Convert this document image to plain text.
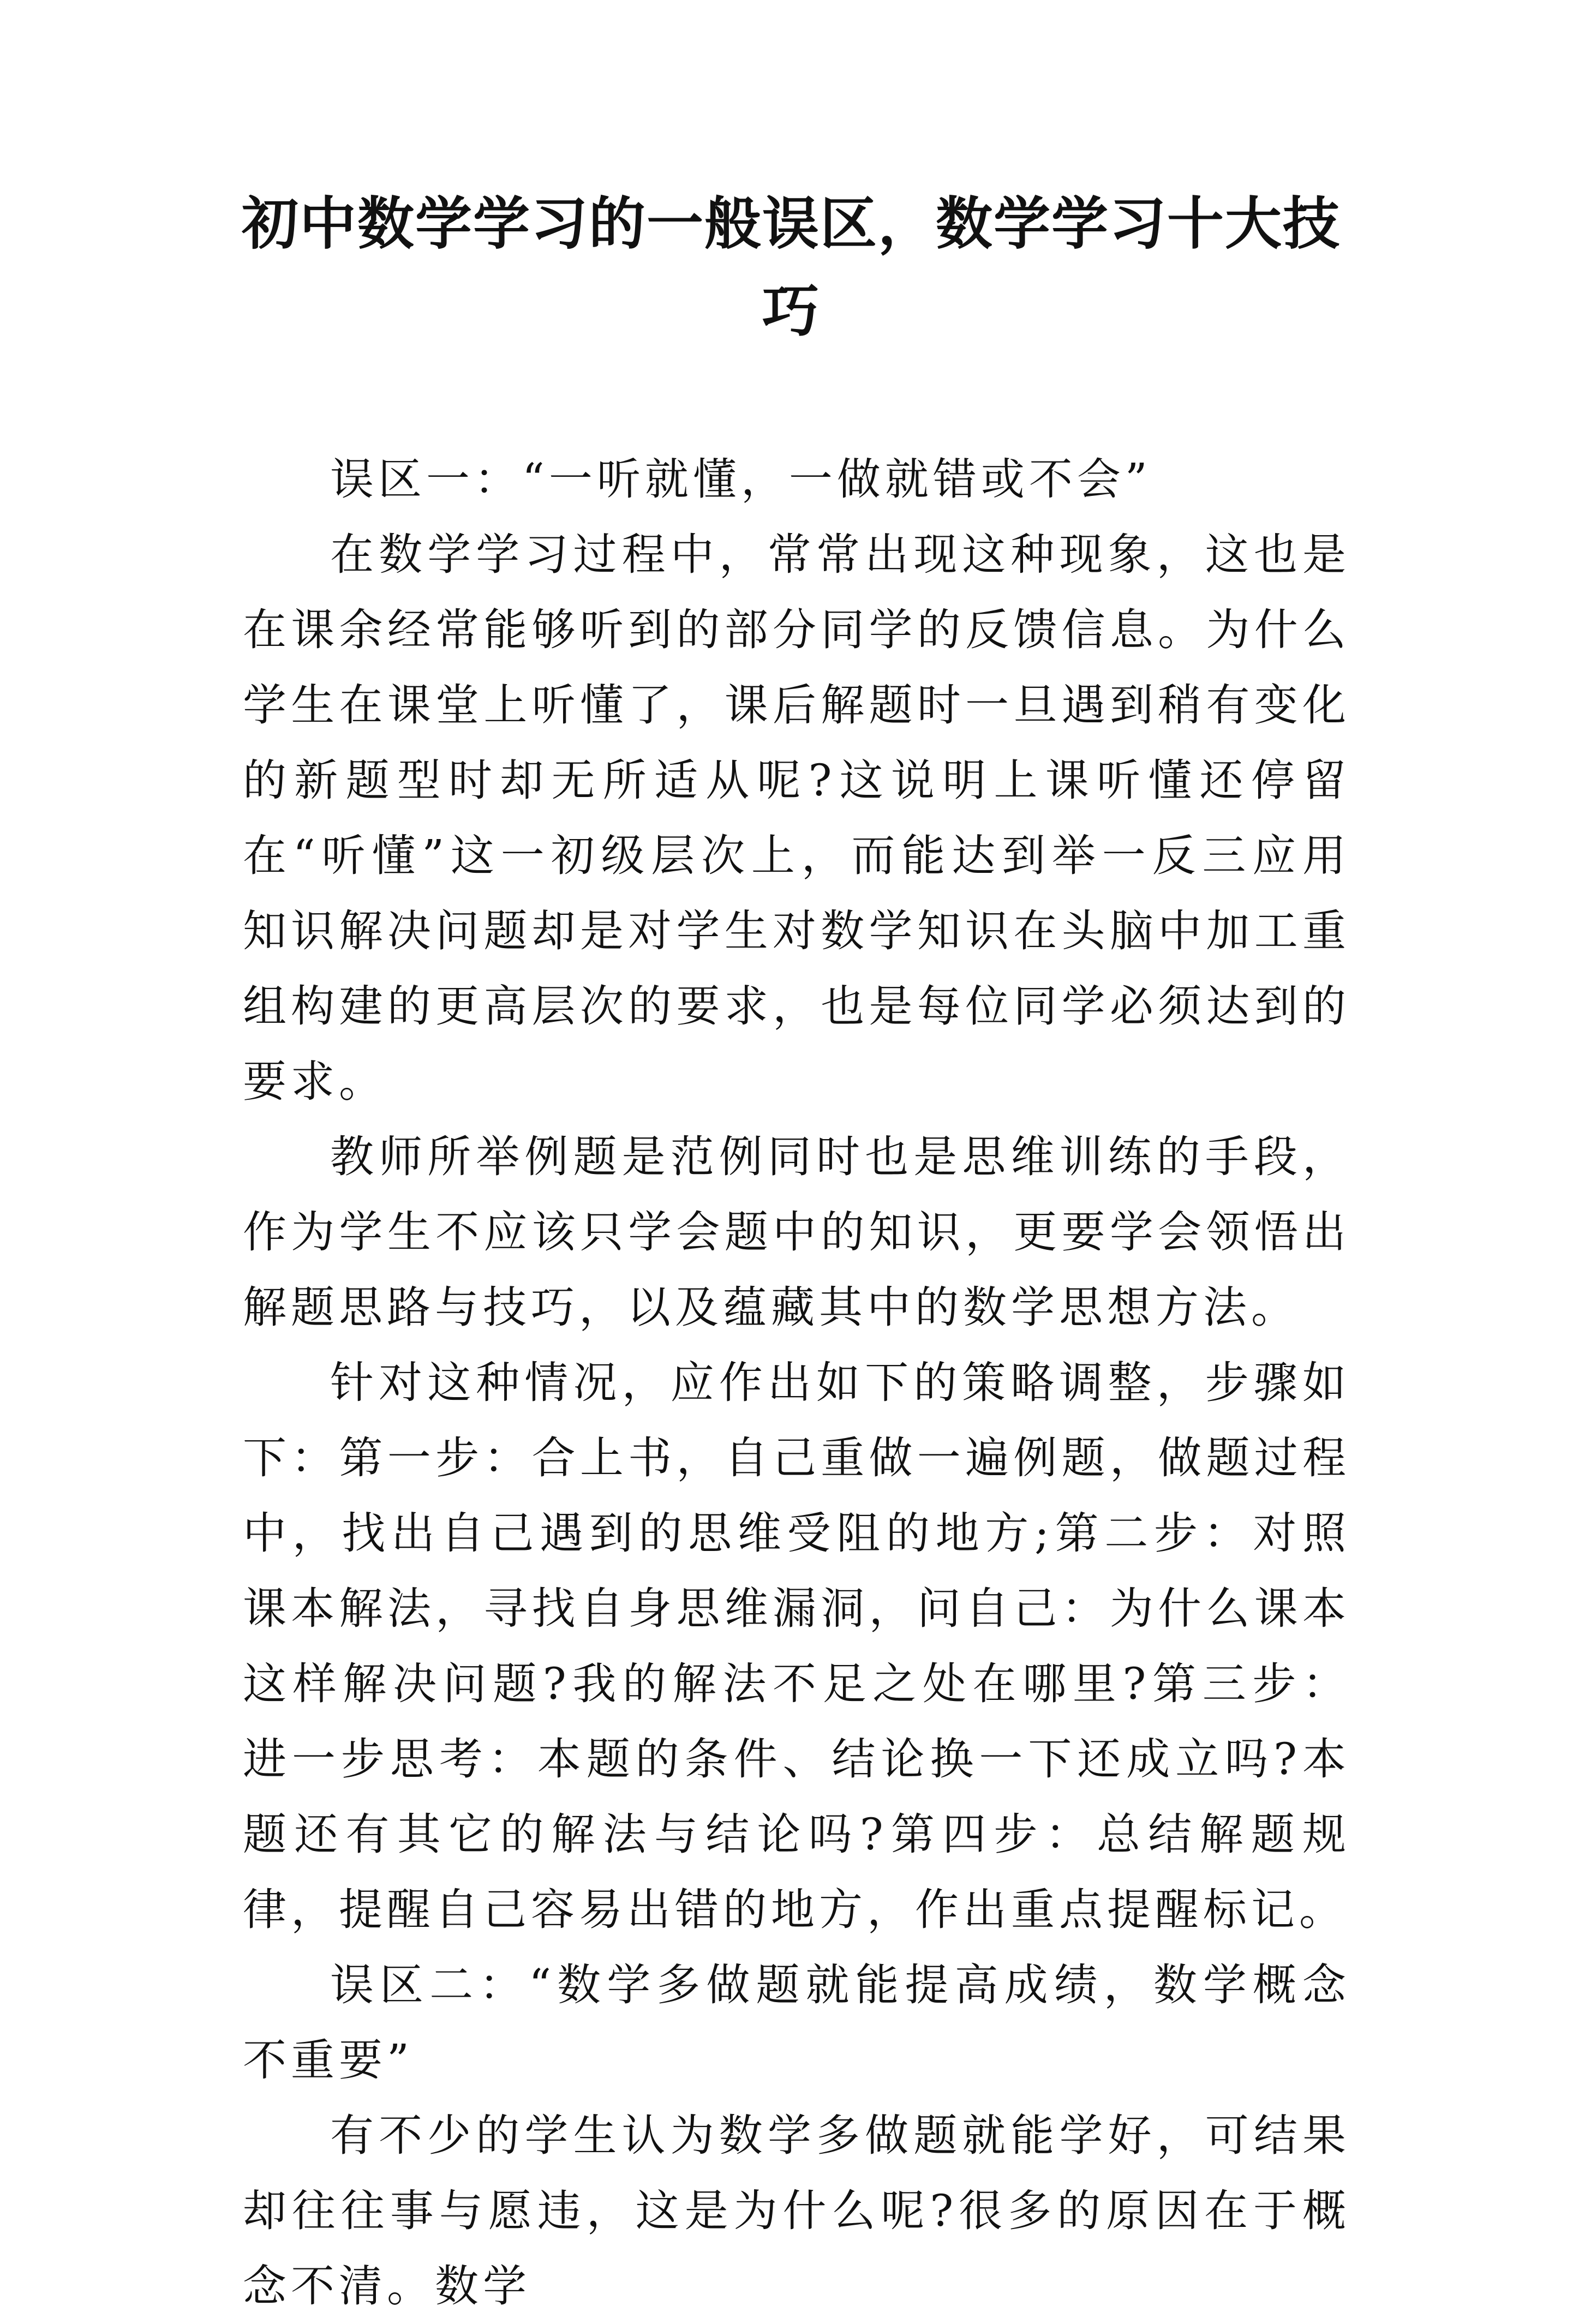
初中数学学习的一般误区，数学学习十大技巧

误区一：“一听就懂，一做就错或不会”

在数学学习过程中，常常出现这种现象，这也是在课余经常能够听到的部分同学的反馈信息。为什么学生在课堂上听懂了，课后解题时一旦遇到稍有变化的新题型时却无所适从呢?这说明上课听懂还停留在“听懂”这一初级层次上，而能达到举一反三应用知识解决问题却是对学生对数学知识在头脑中加工重组构建的更高层次的要求，也是每位同学必须达到的要求。

教师所举例题是范例同时也是思维训练的手段，作为学生不应该只学会题中的知识，更要学会领悟出解题思路与技巧，以及蕴藏其中的数学思想方法。

针对这种情况，应作出如下的策略调整，步骤如下：第一步：合上书，自己重做一遍例题，做题过程中，找出自己遇到的思维受阻的地方;第二步：对照课本解法，寻找自身思维漏洞，问自己：为什么课本这样解决问题?我的解法不足之处在哪里?第三步：进一步思考：本题的条件、结论换一下还成立吗?本题还有其它的解法与结论吗?第四步：总结解题规律，提醒自己容易出错的地方，作出重点提醒标记。

误区二：“数学多做题就能提高成绩，数学概念不重要”

有不少的学生认为数学多做题就能学好，可结果却往往事与愿违，这是为什么呢?很多的原因在于概念不清。数学
